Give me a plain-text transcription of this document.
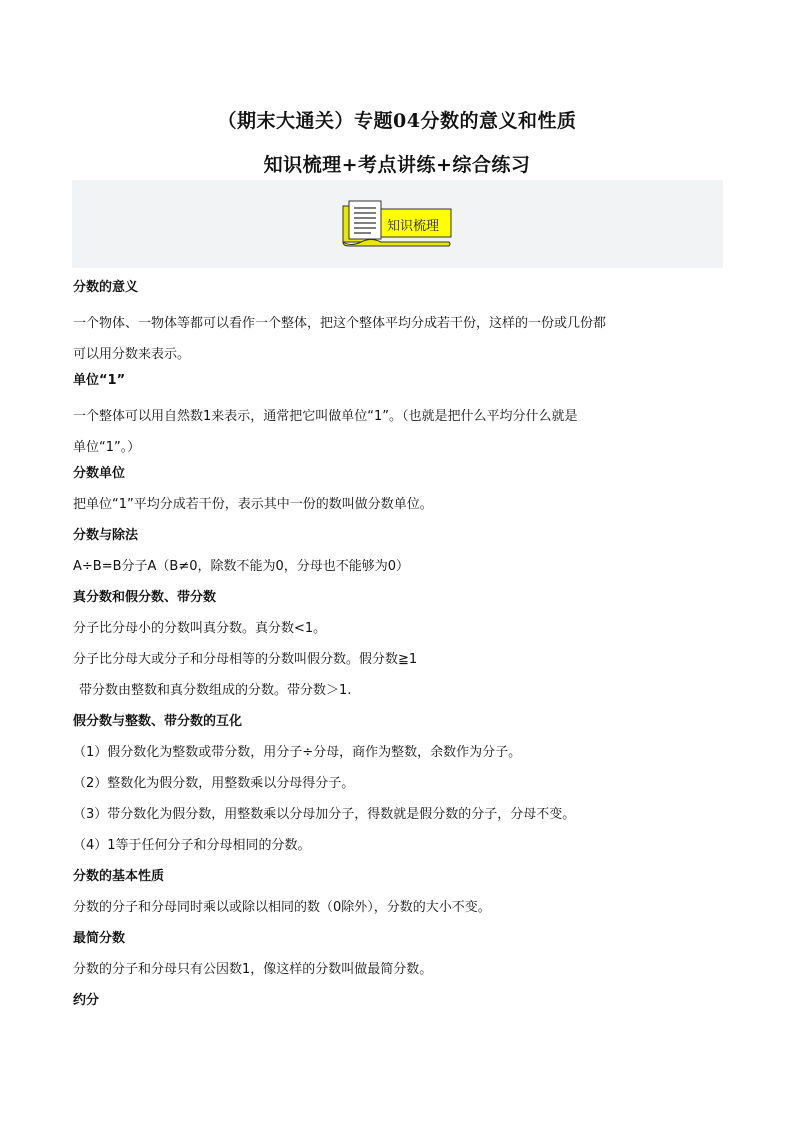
（期末大通关）专题04分数的意义和性质
知识梳理+考点讲练+综合练习
知识梳理
分数的意义
一个物体、一物体等都可以看作一个整体，把这个整体平均分成若干份，这样的一份或几份都
可以用分数来表示。
单位“1”
一个整体可以用自然数1来表示，通常把它叫做单位“1”。（也就是把什么平均分什么就是
单位“1”。）
分数单位
把单位“1”平均分成若干份，表示其中一份的数叫做分数单位。
分数与除法
A÷B=B分子A（B≠0，除数不能为0，分母也不能够为0）
真分数和假分数、带分数
分子比分母小的分数叫真分数。真分数<1。
分子比分母大或分子和分母相等的分数叫假分数。假分数≧1
带分数由整数和真分数组成的分数。带分数＞1.
假分数与整数、带分数的互化
（1）假分数化为整数或带分数，用分子÷分母，商作为整数，余数作为分子。
（2）整数化为假分数，用整数乘以分母得分子。
（3）带分数化为假分数，用整数乘以分母加分子，得数就是假分数的分子，分母不变。
（4）1等于任何分子和分母相同的分数。
分数的基本性质
分数的分子和分母同时乘以或除以相同的数（0除外），分数的大小不变。
最简分数
分数的分子和分母只有公因数1，像这样的分数叫做最简分数。
约分
